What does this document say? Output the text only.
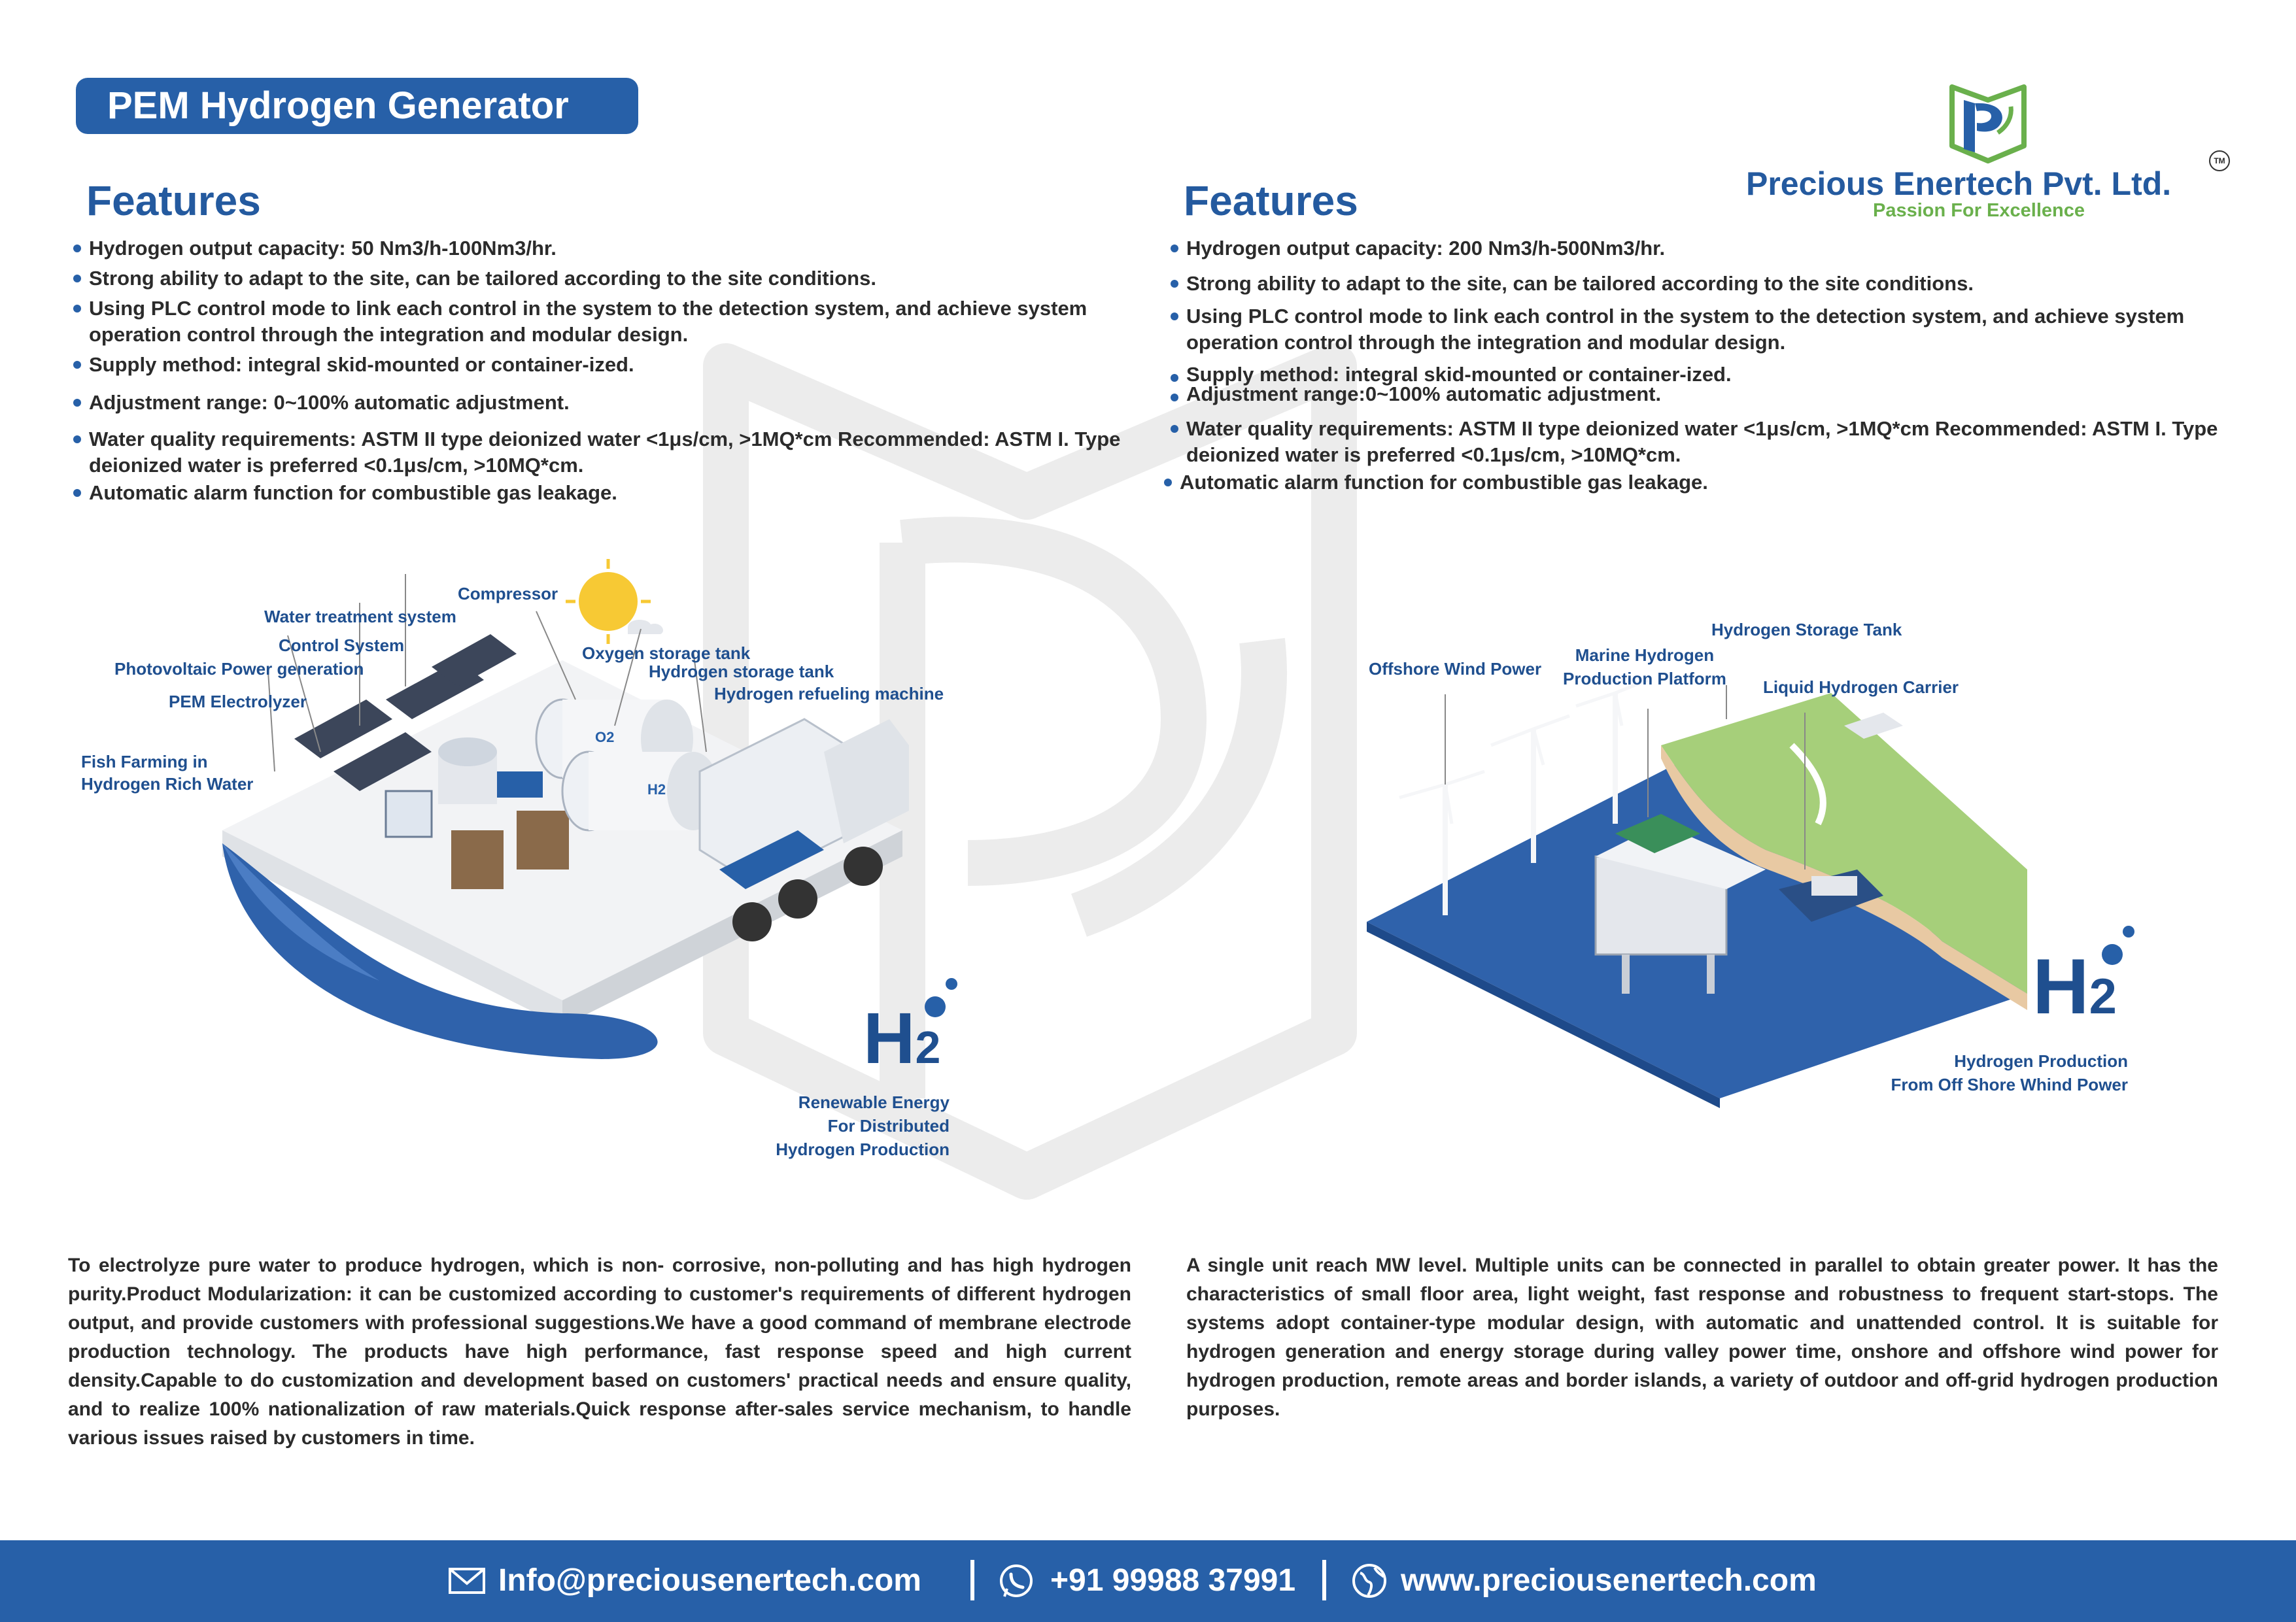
PEM Hydrogen Generator
Precious Enertech Pvt. Ltd.
TM
Passion For Excellence
Features
Hydrogen output capacity: 50 Nm3/h-100Nm3/hr.
Strong ability to adapt to the site, can be tailored according to the site conditions.
Using PLC control mode to link each control in the system to the detection system, and achieve system operation control through the integration and modular design.
Supply method: integral skid-mounted or container-ized.
Adjustment range: 0~100% automatic adjustment.
Water quality requirements: ASTM II type deionized water <1μs/cm, >1MQ*cm Recommended: ASTM I. Type deionized water is preferred <0.1μs/cm, >10MQ*cm.
Automatic alarm function for combustible gas leakage.
Features
Hydrogen output capacity: 200 Nm3/h-500Nm3/hr.
Strong ability to adapt to the site, can be tailored according to the site conditions.
Using PLC control mode to link each control in the system to the detection system, and achieve system operation control through the integration and modular design.
Supply method: integral skid-mounted or container-ized.
Adjustment range:0~100% automatic adjustment.
Water quality requirements: ASTM II type deionized water <1μs/cm, >1MQ*cm Recommended: ASTM I. Type deionized water is preferred <0.1μs/cm, >10MQ*cm.
Automatic alarm function for combustible gas leakage.
O2
H2
Compressor
Water treatment system
Control System
Photovoltaic Power generation
PEM Electrolyzer
Fish Farming in
Hydrogen Rich Water
Oxygen storage tank
Hydrogen storage tank
Hydrogen refueling machine
H2
Renewable Energy
For Distributed
Hydrogen Production
Hydrogen Storage Tank
Offshore Wind Power
Marine Hydrogen
Production Platform Liquid Hydrogen Carrier
H2
Hydrogen Production
From Off Shore Whind Power
To electrolyze pure water to produce hydrogen, which is non- corrosive, non-polluting and has high hydrogen purity.Product Modularization: it can be customized according to customer's requirements of different hydrogen output, and provide customers with professional suggestions.We have a good command of membrane electrode production technology. The products have high performance, fast response speed and high current density.Capable to do customization and development based on customers' practical needs and ensure quality, and to realize 100% nationalization of raw materials.Quick response after-sales service mechanism, to handle various issues raised by customers in time.
A single unit reach MW level. Multiple units can be connected in parallel to obtain greater power. It has the characteristics of small floor area, light weight, fast response and robustness to frequent start-stops. The systems adopt container-type modular design, with automatic and unattended control. It is suitable for hydrogen generation and energy storage during valley power time, onshore and offshore wind power for hydrogen production, remote areas and border islands, a variety of outdoor and off-grid hydrogen production purposes.
Info@preciousenertech.com	+91 99988 37991	www.preciousenertech.com
